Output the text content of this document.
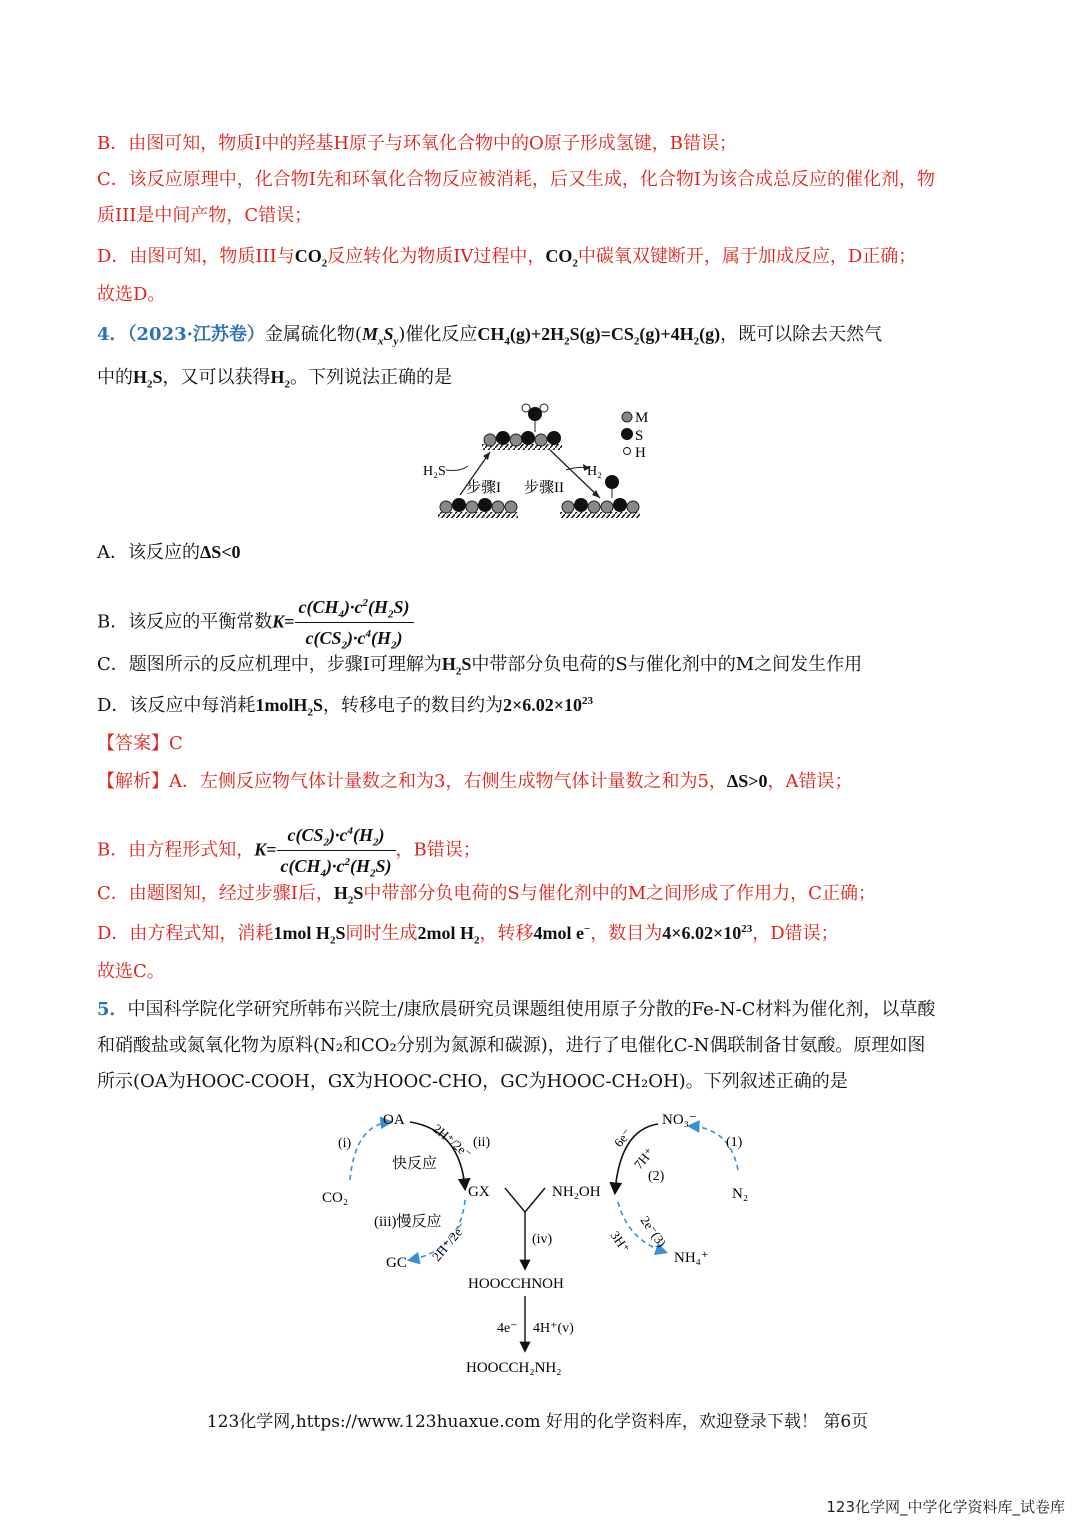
B．由图可知，物质I中的羟基H原子与环氧化合物中的O原子形成氢键，B错误；
C．该反应原理中，化合物I先和环氧化合物反应被消耗，后又生成，化合物I为该合成总反应的催化剂，物
质III是中间产物，C错误；
D．由图可知，物质III与$CO_2$反应转化为物质IV过程中，$CO_2$中碳氧双键断开，属于加成反应，D正确；
故选D。
4．（2023·江苏卷）金属硫化物$(M_xS_y)$催化反应$CH_4(g)+2H_2S(g)=CS_2(g)+4H_2(g)$，既可以除去天然气
中的$H_2S$，又可以获得$H_2$。下列说法正确的是
M
S
H
H₂S	H₂
步骤I 步骤II
A．该反应的ΔS<0
B．该反应的平衡常数$K= \frac{c(CH_4)\cdot c^2(H_2S)}{c(CS_2)\cdot c^4(H_2)}$
C．题图所示的反应机理中，步骤I可理解为$H_2S$中带部分负电荷的S与催化剂中的M之间发生作用
D．该反应中每消耗1molH$_2$S，转移电子的数目约为$2\times 6.02\times 10^{23}$
【答案】C
【解析】A．左侧反应物气体计量数之和为3，右侧生成物气体计量数之和为5，ΔS>0，A错误；
B．由方程形式知，$K= \frac{c(CS_2)\cdot c^4(H_2)}{c(CH_4)\cdot c^2(H_2S)}$ ，B错误；
C．由题图知，经过步骤I后，$H_2S$中带部分负电荷的S与催化剂中的M之间形成了作用力，C正确；
D．由方程式知，消耗1mol $H_2S$同时生成2mol $H_2$，转移4mol e−，数目为$4\times 6.02\times 10^{23}$，D错误；
故选C。
5．中国科学院化学研究所韩布兴院士/康欣晨研究员课题组使用原子分散的Fe-N-C材料为催化剂，以草酸
和硝酸盐或氮氧化物为原料(N₂和CO₂分别为氮源和碳源)，进行了电催化C-N偶联制备甘氨酸。原理如图
所示(OA为HOOC-COOH，GX为HOOC-CHO，GC为HOOC-CH₂OH)。下列叙述正确的是
OA
CO₂	GX
GC
(i)	(ii)
快反应
(iii)慢反应
2H⁺/2e⁻
2H⁺/2e⁻	(iv)
NH₂OH
HOOCCHNOH
4e⁻ 4H⁺(v)
HOOCCH₂NH₂
NO₃⁻
N₂
NH₄⁺
(1)
(2)
2e⁻(3)
6e⁻
7H⁺
3H⁺
123化学网,https://www.123huaxue.com 好用的化学资料库，欢迎登录下载！ 第6页
123化学网_中学化学资料库_试卷库
